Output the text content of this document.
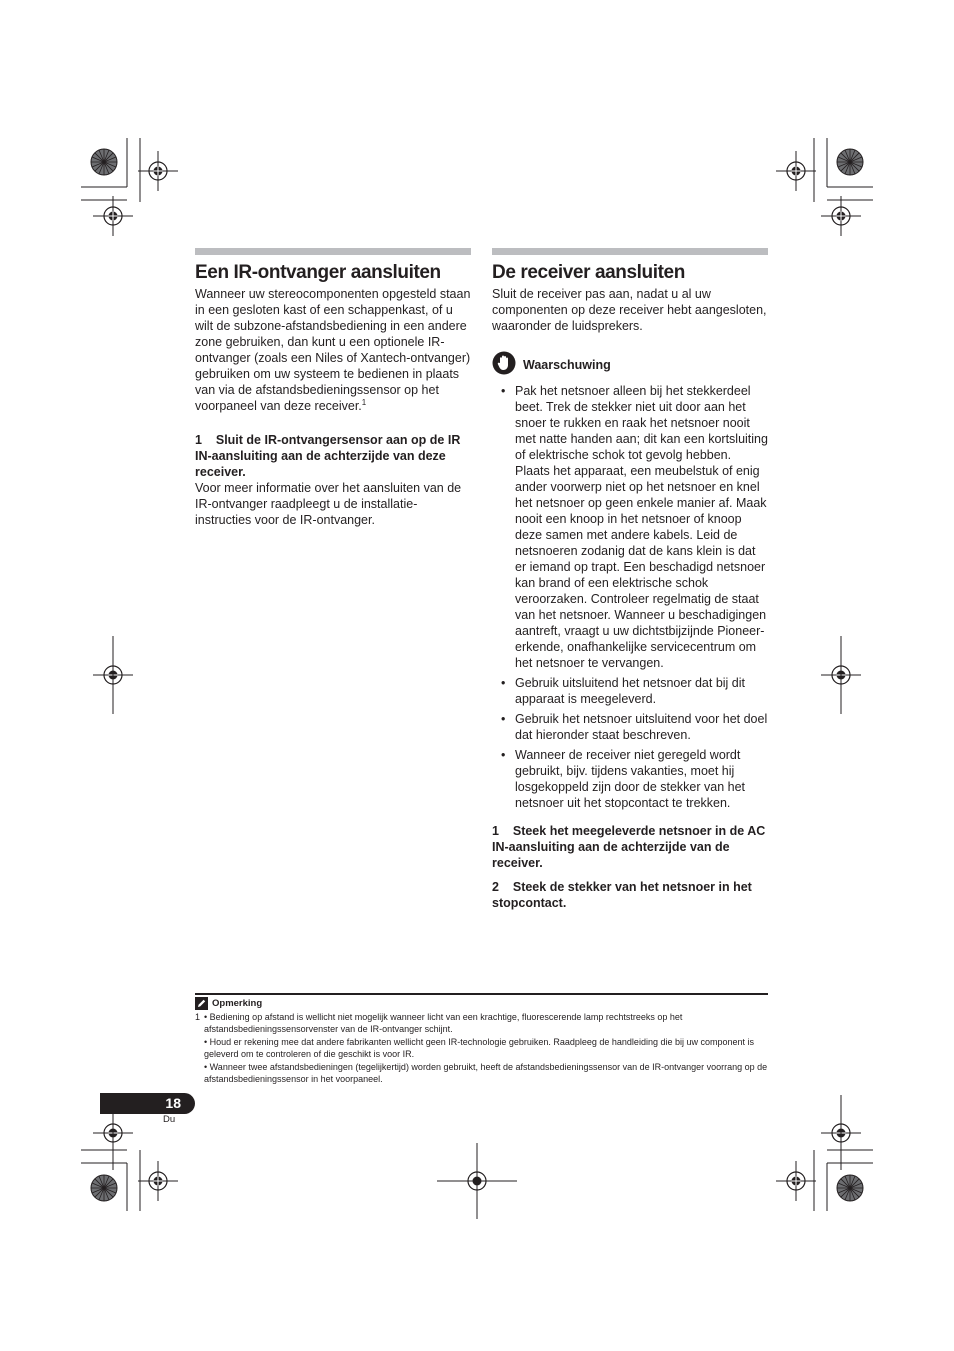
Een IR-ontvanger aansluiten

Wanneer uw stereocomponenten opgesteld staan in een gesloten kast of een schappenkast, of u wilt de subzone-afstandsbediening in een andere zone gebruiken, dan kunt u een optionele IR-ontvanger (zoals een Niles of Xantech-ontvanger) gebruiken om uw systeem te bedienen in plaats van via de afstandsbedieningssensor op het voorpaneel van deze receiver.$^1$

1 Sluit de IR-ontvangersensor aan op de IR IN-aansluiting aan de achterzijde van deze receiver.

Voor meer informatie over het aansluiten van de IR-ontvanger raadpleegt u de installatie-instructies voor de IR-ontvanger.

De receiver aansluiten

Sluit de receiver pas aan, nadat u al uw componenten op deze receiver hebt aangesloten, waaronder de luidsprekers.

Waarschuwing
• Pak het netsnoer alleen bij het stekkerdeel beet. Trek de stekker niet uit door aan het snoer te rukken en raak het netsnoer nooit met natte handen aan; dit kan een kortsluiting of elektrische schok tot gevolg hebben. Plaats het apparaat, een meubelstuk of enig ander voorwerp niet op het netsnoer en knel het netsnoer op geen enkele manier af. Maak nooit een knoop in het netsnoer of knoop deze samen met andere kabels. Leid de netsnoeren zodanig dat de kans klein is dat er iemand op trapt. Een beschadigd netsnoer kan brand of een elektrische schok veroorzaken. Controleer regelmatig de staat van het netsnoer. Wanneer u beschadigingen aantreft, vraagt u uw dichtstbijzijnde Pioneer-erkende, onafhankelijke servicecentrum om het netsnoer te vervangen.
• Gebruik uitsluitend het netsnoer dat bij dit apparaat is meegeleverd.
• Gebruik het netsnoer uitsluitend voor het doel dat hieronder staat beschreven.
• Wanneer de receiver niet geregeld wordt gebruikt, bijv. tijdens vakanties, moet hij losgekoppeld zijn door de stekker van het netsnoer uit het stopcontact te trekken.

1 Steek het meegeleverde netsnoer in de AC IN-aansluiting aan de achterzijde van de receiver.

2 Steek de stekker van het netsnoer in het stopcontact.

Opmerking
1 • Bediening op afstand is wellicht niet mogelijk wanneer licht van een krachtige, fluorescerende lamp rechtstreeks op het afstandsbedieningssensorvenster van de IR-ontvanger schijnt.
• Houd er rekening mee dat andere fabrikanten wellicht geen IR-technologie gebruiken. Raadpleeg de handleiding die bij uw component is geleverd om te controleren of die geschikt is voor IR.
• Wanneer twee afstandsbedieningen (tegelijkertijd) worden gebruikt, heeft de afstandsbedieningssensor van de IR-ontvanger voorrang op de afstandsbedieningssensor in het voorpaneel.
18
Du
